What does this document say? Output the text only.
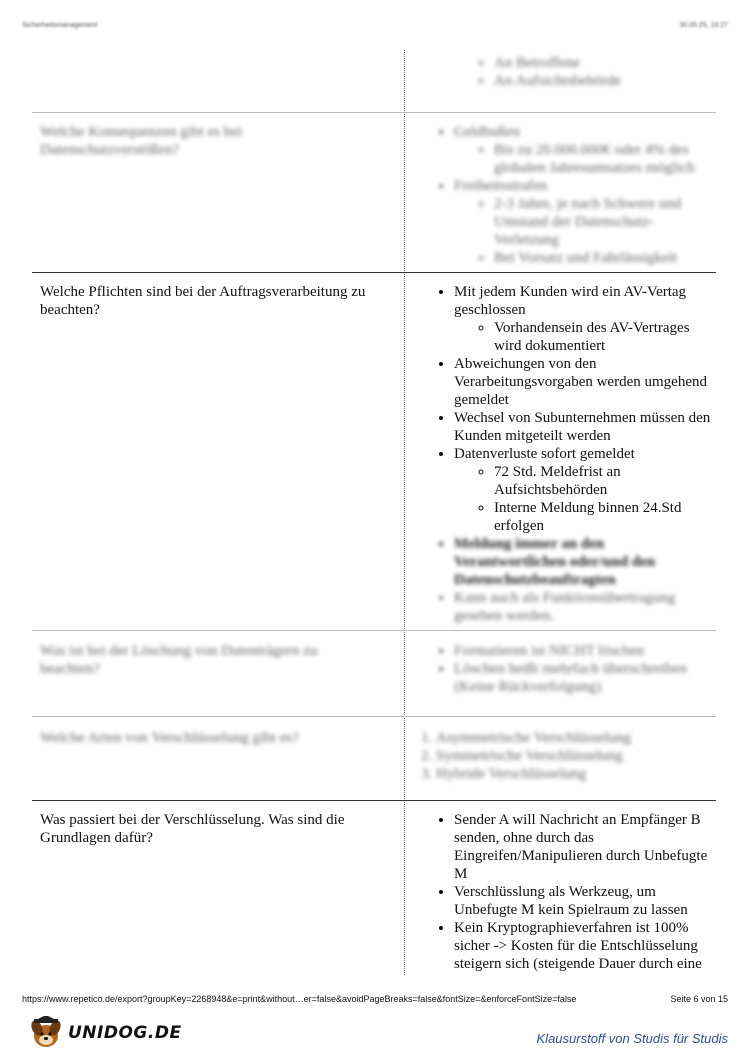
Sicherheitsmanagement	30.05.25, 18:27
◦ An Betroffene
◦ An Aufsichtsbehörde
Welche Konsequenzen gibt es bei Datenschutzverstößen?
• Geldbußen
◦ Bis zu 20.000.000€ oder 4% des globalen Jahresumsatzes möglich
• Freiheitsstrafen
◦ 2-3 Jahre, je nach Schwere und Umstand der Datenschutz-Verletzung
◦ Bei Vorsatz und Fahrlässigkeit
Welche Pflichten sind bei der Auftragsverarbeitung zu beachten?
• Mit jedem Kunden wird ein AV-Vertag geschlossen
◦ Vorhandensein des AV-Vertrages wird dokumentiert
• Abweichungen von den Verarbeitungsvorgaben werden umgehend gemeldet
• Wechsel von Subunternehmen müssen den Kunden mitgeteilt werden
• Datenverluste sofort gemeldet
◦ 72 Std. Meldefrist an Aufsichtsbehörden
◦ Interne Meldung binnen 24.Std erfolgen
• Meldung immer an den Verantwortlichen oder/und den Datenschutzbeauftragten
• Kann auch als Funktionsübertragung gesehen werden.
Was ist bei der Löschung von Datenträgern zu beachten?
• Formatieren ist NICHT löschen
• Löschen heißt mehrfach überschreiben (Keine Rückverfolgung)
Welche Arten von Verschlüsselung gibt es?
1.	Asymmetrische Verschlüsselung
2. Symmetrische Verschlüsselung
3. Hybride Verschlüsselung
Was passiert bei der Verschlüsselung. Was sind die Grundlagen dafür?
• Sender A will Nachricht an Empfänger B senden, ohne durch das Eingreifen/Manipulieren durch Unbefugte M
• Verschlüsslung als Werkzeug, um Unbefugte M kein Spielraum zu lassen
• Kein Kryptographieverfahren ist 100% sicher -> Kosten für die Entschlüsselung steigern sich (steigende Dauer durch eine
https://www.repetico.de/export?groupKey=2268948&e=print&without…er=false&avoidPageBreaks=false&fontSize=&enforceFontSize=false	Seite 6 von 15
UNIDOG.DE	Klausurstoff von Studis für Studis
